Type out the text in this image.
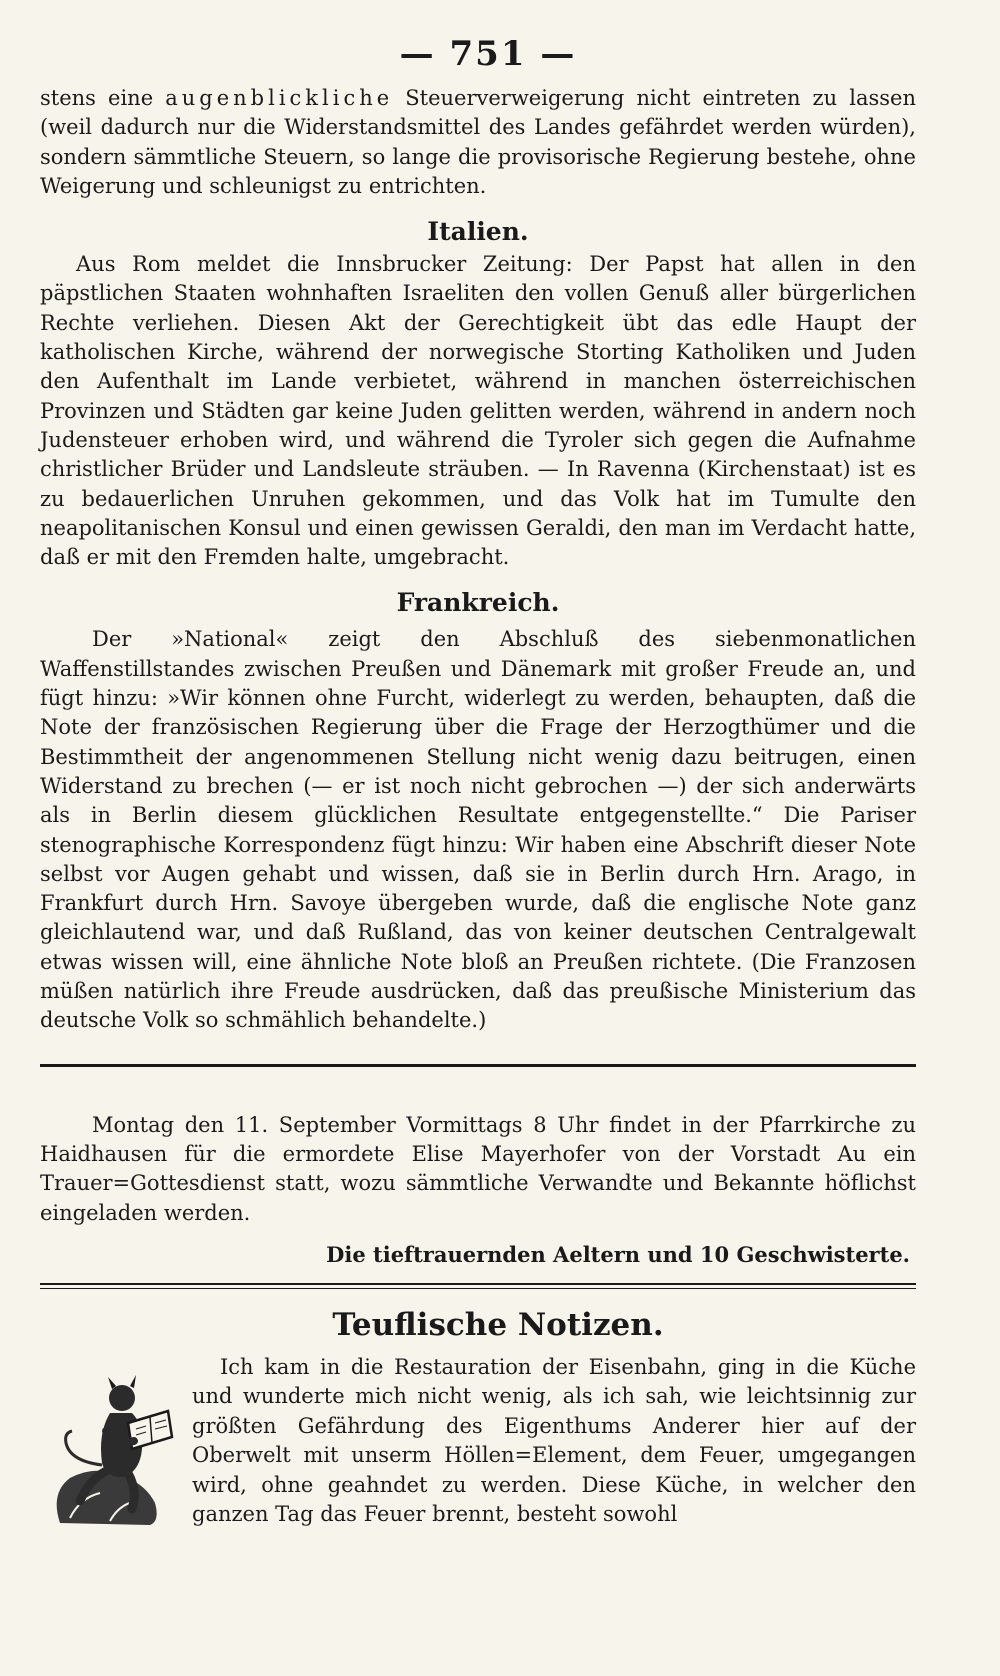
— 751 —

stens eine augenblickliche Steuerverweigerung nicht eintreten zu lassen (weil dadurch nur die Widerstandsmittel des Landes gefährdet werden würden), sondern sämmtliche Steuern, so lange die provisorische Regierung bestehe, ohne Weigerung und schleunigst zu entrichten.

Italien.

Aus Rom meldet die Innsbrucker Zeitung: Der Papst hat allen in den päpstlichen Staaten wohnhaften Israeliten den vollen Genuß aller bürgerlichen Rechte verliehen. Diesen Akt der Gerechtigkeit übt das edle Haupt der katholischen Kirche, während der norwegische Storting Katholiken und Juden den Aufenthalt im Lande verbietet, während in manchen österreichischen Provinzen und Städten gar keine Juden gelitten werden, während in andern noch Judensteuer erhoben wird, und während die Tyroler sich gegen die Aufnahme christlicher Brüder und Landsleute sträuben. — In Ravenna (Kirchenstaat) ist es zu bedauerlichen Unruhen gekommen, und das Volk hat im Tumulte den neapolitanischen Konsul und einen gewissen Geraldi, den man im Verdacht hatte, daß er mit den Fremden halte, umgebracht.

Frankreich.

Der »National« zeigt den Abschluß des siebenmonatlichen Waffenstillstandes zwischen Preußen und Dänemark mit großer Freude an, und fügt hinzu: »Wir können ohne Furcht, widerlegt zu werden, behaupten, daß die Note der französischen Regierung über die Frage der Herzogthümer und die Bestimmtheit der angenommenen Stellung nicht wenig dazu beitrugen, einen Widerstand zu brechen (— er ist noch nicht gebrochen —) der sich anderwärts als in Berlin diesem glücklichen Resultate entgegenstellte.“ Die Pariser stenographische Korrespondenz fügt hinzu: Wir haben eine Abschrift dieser Note selbst vor Augen gehabt und wissen, daß sie in Berlin durch Hrn. Arago, in Frankfurt durch Hrn. Savoye übergeben wurde, daß die englische Note ganz gleichlautend war, und daß Rußland, das von keiner deutschen Centralgewalt etwas wissen will, eine ähnliche Note bloß an Preußen richtete. (Die Franzosen müßen natürlich ihre Freude ausdrücken, daß das preußische Ministerium das deutsche Volk so schmählich behandelte.)

Montag den 11. September Vormittags 8 Uhr findet in der Pfarrkirche zu Haidhausen für die ermordete Elise Mayerhofer von der Vorstadt Au ein Trauer=Gottesdienst statt, wozu sämmtliche Verwandte und Bekannte höflichst eingeladen werden.

Die tieftrauernden Aeltern und 10 Geschwisterte.
Teuflische Notizen.

Ich kam in die Restauration der Eisenbahn, ging in die Küche und wunderte mich nicht wenig, als ich sah, wie leichtsinnig zur größten Gefährdung des Eigenthums Anderer hier auf der Oberwelt mit unserm Höllen=Element, dem Feuer, umgegangen wird, ohne geahndet zu werden. Diese Küche, in welcher den ganzen Tag das Feuer brennt, besteht sowohl
